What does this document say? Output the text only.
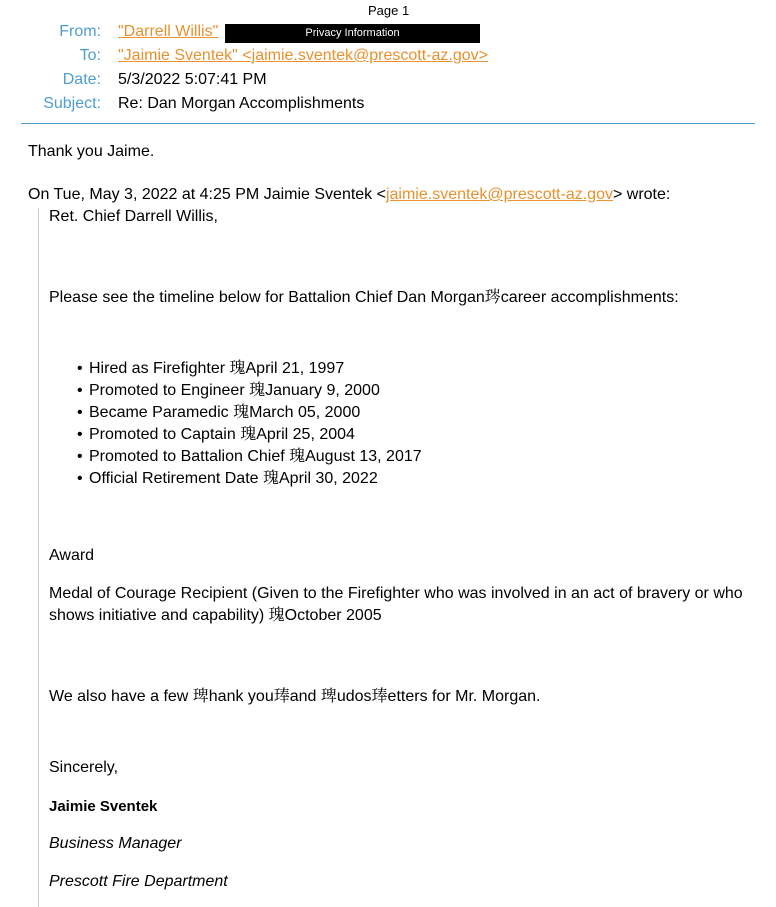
Page 1
From: "Darrell Willis"	Privacy Information
To: "Jaimie Sventek" <jaimie.sventek@prescott-az.gov>
Date: 5/3/2022 5:07:41 PM
Subject: Re: Dan Morgan Accomplishments
Thank you Jaime.
On Tue, May 3, 2022 at 4:25 PM Jaimie Sventek <jaimie.sventek@prescott-az.gov> wrote:
Ret. Chief Darrell Willis,
Please see the timeline below for Battalion Chief Dan Morgan琌career accomplishments:
• Hired as Firefighter 瑰April 21, 1997
• Promoted to Engineer 瑰January 9, 2000
• Became Paramedic 瑰March 05, 2000
• Promoted to Captain 瑰April 25, 2004
• Promoted to Battalion Chief 瑰August 13, 2017
• Official Retirement Date 瑰April 30, 2022
Award
Medal of Courage Recipient (Given to the Firefighter who was involved in an act of bravery or who shows initiative and capability) 瑰October 2005
We also have a few 琕hank you琫and 琕udos琫etters for Mr. Morgan.
Sincerely,
Jaimie Sventek
Business Manager
Prescott Fire Department
